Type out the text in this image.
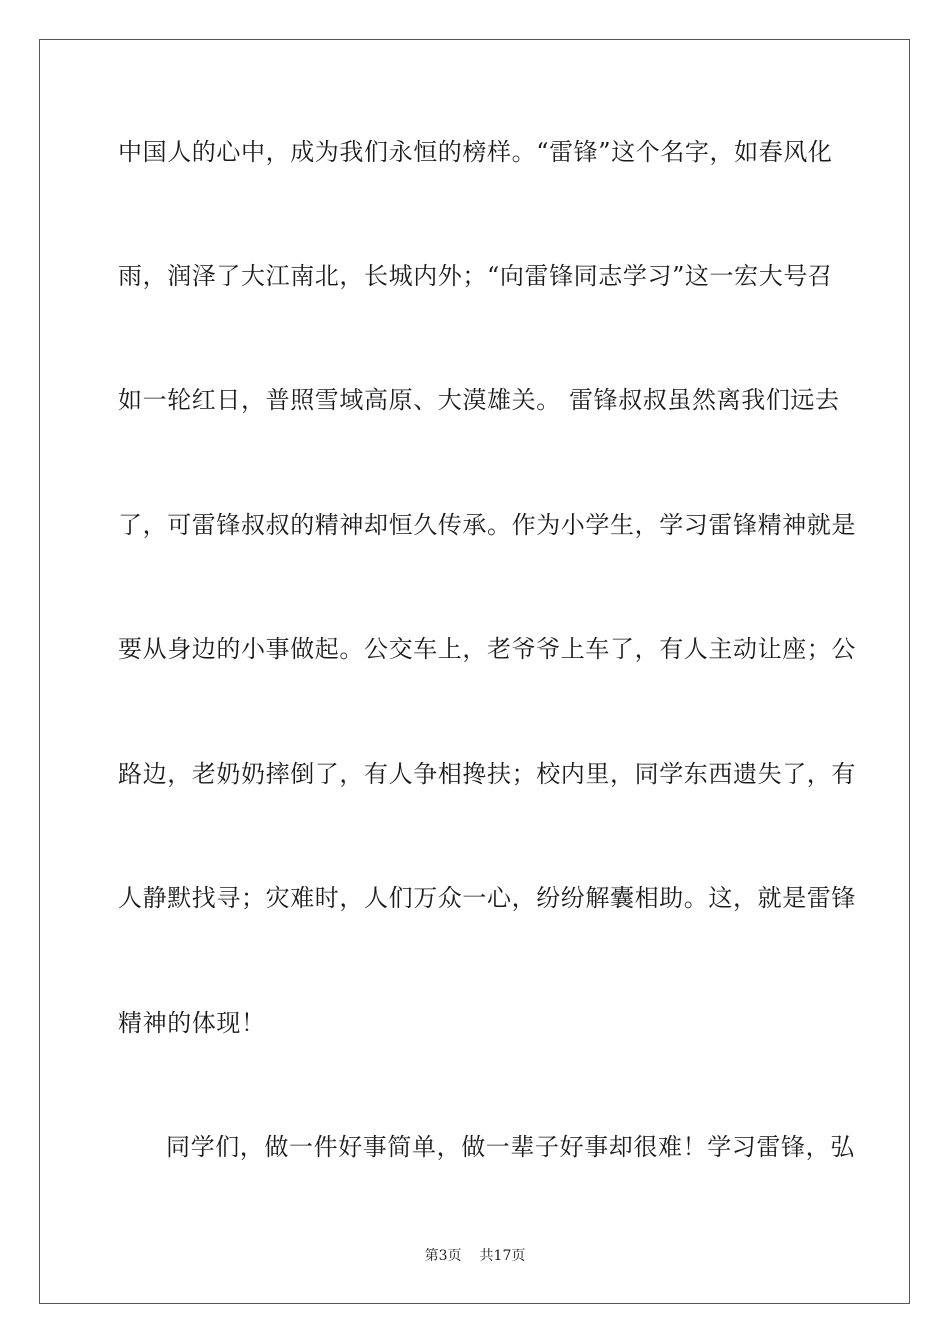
中国人的心中，成为我们永恒的榜样。“雷锋”这个名字，如春风化

雨，润泽了大江南北，长城内外；“向雷锋同志学习”这一宏大号召

如一轮红日，普照雪域高原、大漠雄关。 雷锋叔叔虽然离我们远去

了，可雷锋叔叔的精神却恒久传承。作为小学生，学习雷锋精神就是

要从身边的小事做起。公交车上，老爷爷上车了，有人主动让座；公

路边，老奶奶摔倒了，有人争相搀扶；校内里，同学东西遗失了，有

人静默找寻；灾难时，人们万众一心，纷纷解囊相助。这，就是雷锋

精神的体现！

同学们，做一件好事简单，做一辈子好事却很难！学习雷锋，弘

第3页 共17页
